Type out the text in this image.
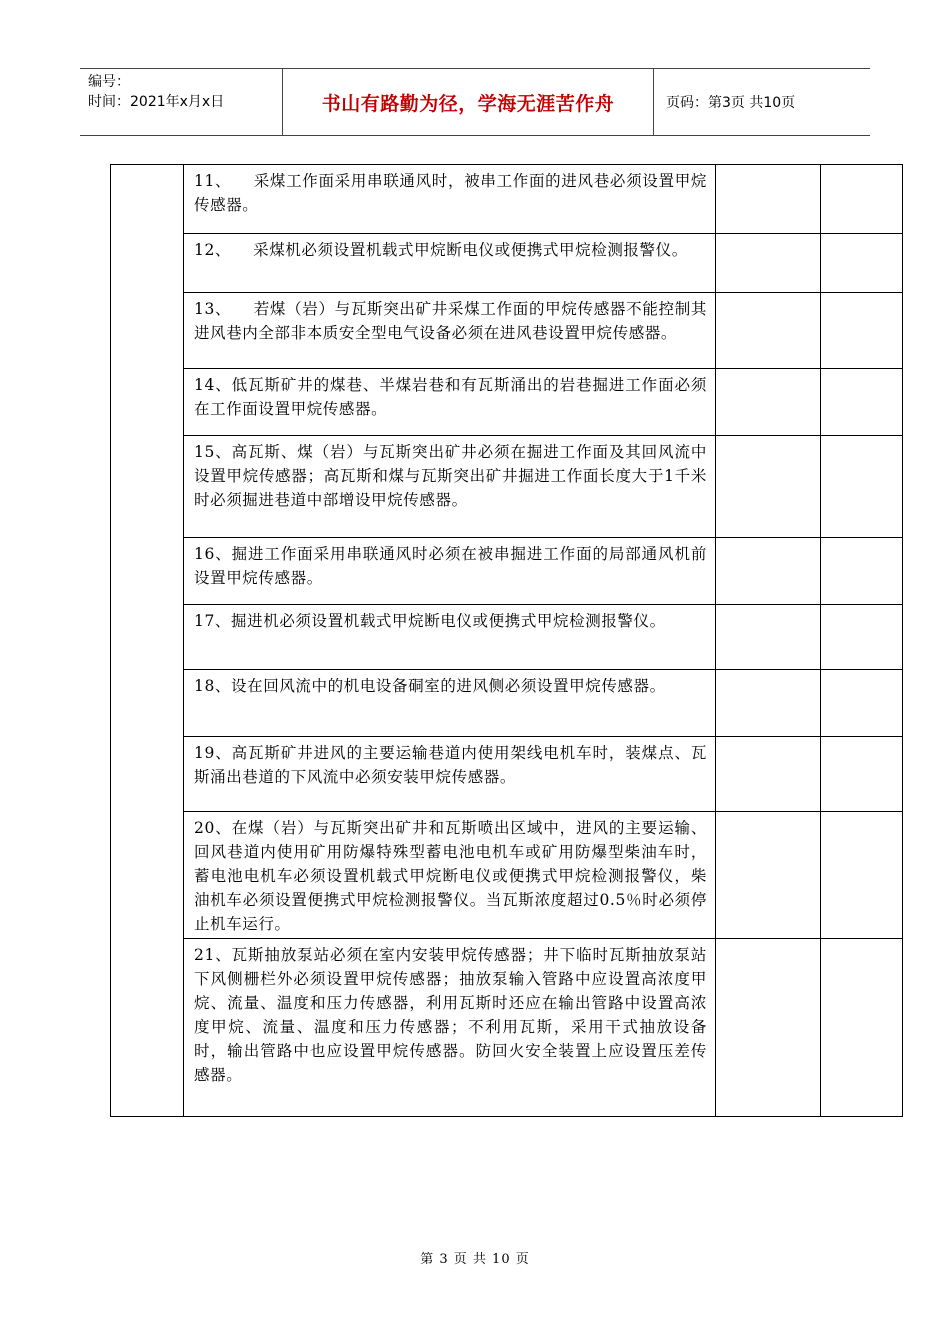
编号：
时间：2021年x月x日	书山有路勤为径，学海无涯苦作舟	页码：第3页 共10页

	11、    采煤工作面采用串联通风时，被串工作面的进风巷必须设置甲烷传感器。		

	12、    采煤机必须设置机载式甲烷断电仪或便携式甲烷检测报警仪。		

	13、    若煤（岩）与瓦斯突出矿井采煤工作面的甲烷传感器不能控制其进风巷内全部非本质安全型电气设备必须在进风巷设置甲烷传感器。		

	14、低瓦斯矿井的煤巷、半煤岩巷和有瓦斯涌出的岩巷掘进工作面必须在工作面设置甲烷传感器。		

	15、高瓦斯、煤（岩）与瓦斯突出矿井必须在掘进工作面及其回风流中设置甲烷传感器；高瓦斯和煤与瓦斯突出矿井掘进工作面长度大于1千米时必须掘进巷道中部增设甲烷传感器。		

	16、掘进工作面采用串联通风时必须在被串掘进工作面的局部通风机前设置甲烷传感器。		

	17、掘进机必须设置机载式甲烷断电仪或便携式甲烷检测报警仪。		

	18、设在回风流中的机电设备硐室的进风侧必须设置甲烷传感器。		

	19、高瓦斯矿井进风的主要运输巷道内使用架线电机车时，装煤点、瓦斯涌出巷道的下风流中必须安装甲烷传感器。		

	20、在煤（岩）与瓦斯突出矿井和瓦斯喷出区域中，进风的主要运输、回风巷道内使用矿用防爆特殊型蓄电池电机车或矿用防爆型柴油车时，蓄电池电机车必须设置机载式甲烷断电仪或便携式甲烷检测报警仪，柴油机车必须设置便携式甲烷检测报警仪。当瓦斯浓度超过0.5％时必须停止机车运行。		

	21、瓦斯抽放泵站必须在室内安装甲烷传感器；井下临时瓦斯抽放泵站下风侧栅栏外必须设置甲烷传感器；抽放泵输入管路中应设置高浓度甲烷、流量、温度和压力传感器，利用瓦斯时还应在输出管路中设置高浓度甲烷、流量、温度和压力传感器；不利用瓦斯，采用干式抽放设备时，输出管路中也应设置甲烷传感器。防回火安全装置上应设置压差传感器。		

第 3 页 共 10 页
